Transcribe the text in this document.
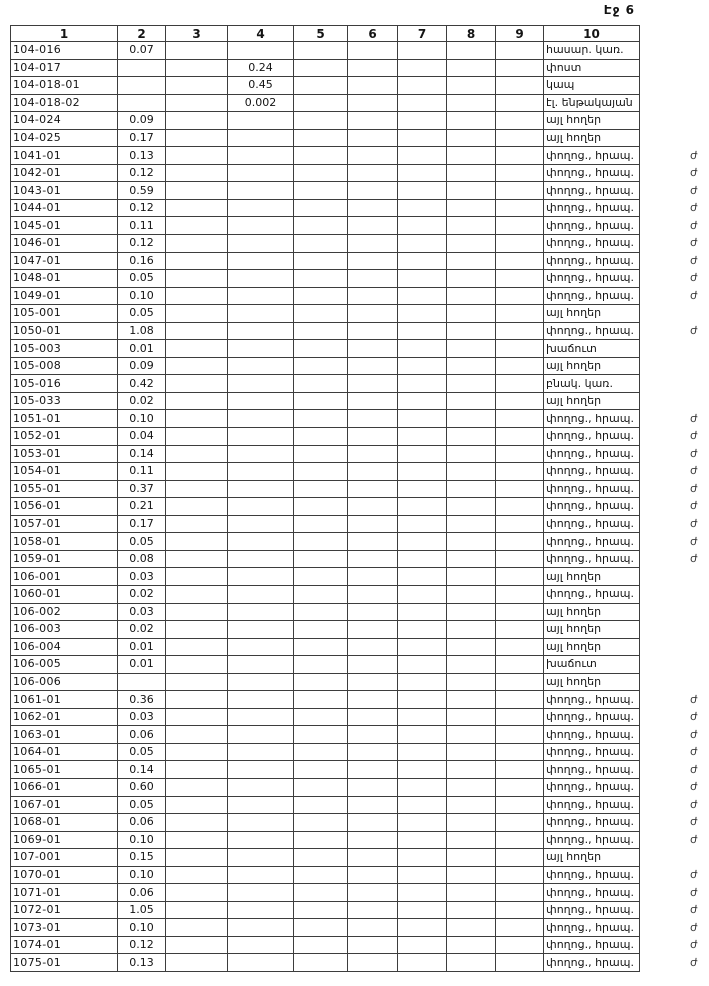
Էջ 6
1	2	3	4	5	6	7	8	9	10	
104-016	0.07								հասար. կառ.	
104-017			0.24						փոստ	
104-018-01			0.45						կապ	
104-018-02			0.002						էլ. ենթակայան	
104-024	0.09								այլ հողեր	
104-025	0.17								այլ հողեր	
1041-01	0.13								փողոց., հրապ.	ժ
1042-01	0.12								փողոց., հրապ.	ժ
1043-01	0.59								փողոց., հրապ.	ժ
1044-01	0.12								փողոց., հրապ.	ժ
1045-01	0.11								փողոց., հրապ.	ժ
1046-01	0.12								փողոց., հրապ.	ժ
1047-01	0.16								փողոց., հրապ.	ժ
1048-01	0.05								փողոց., հրապ.	ժ
1049-01	0.10								փողոց., հրապ.	ժ
105-001	0.05								այլ հողեր	
1050-01	1.08								փողոց., հրապ.	ժ
105-003	0.01								խաճուտ	
105-008	0.09								այլ հողեր	
105-016	0.42								բնակ. կառ.	
105-033	0.02								այլ հողեր	
1051-01	0.10								փողոց., հրապ.	ժ
1052-01	0.04								փողոց., հրապ.	ժ
1053-01	0.14								փողոց., հրապ.	ժ
1054-01	0.11								փողոց., հրապ.	ժ
1055-01	0.37								փողոց., հրապ.	ժ
1056-01	0.21								փողոց., հրապ.	ժ
1057-01	0.17								փողոց., հրապ.	ժ
1058-01	0.05								փողոց., հրապ.	ժ
1059-01	0.08								փողոց., հրապ.	ժ
106-001	0.03								այլ հողեր	
1060-01	0.02								փողոց., հրապ.	
106-002	0.03								այլ հողեր	
106-003	0.02								այլ հողեր	
106-004	0.01								այլ հողեր	
106-005	0.01								խաճուտ	
106-006									այլ հողեր	
1061-01	0.36								փողոց., հրապ.	ժ
1062-01	0.03								փողոց., հրապ.	ժ
1063-01	0.06								փողոց., հրապ.	ժ
1064-01	0.05								փողոց., հրապ.	ժ
1065-01	0.14								փողոց., հրապ.	ժ
1066-01	0.60								փողոց., հրապ.	ժ
1067-01	0.05								փողոց., հրապ.	ժ
1068-01	0.06								փողոց., հրապ.	ժ
1069-01	0.10								փողոց., հրապ.	ժ
107-001	0.15								այլ հողեր	
1070-01	0.10								փողոց., հրապ.	ժ
1071-01	0.06								փողոց., հրապ.	ժ
1072-01	1.05								փողոց., հրապ.	ժ
1073-01	0.10								փողոց., հրապ.	ժ
1074-01	0.12								փողոց., հրապ.	ժ
1075-01	0.13								փողոց., հրապ.	ժ
